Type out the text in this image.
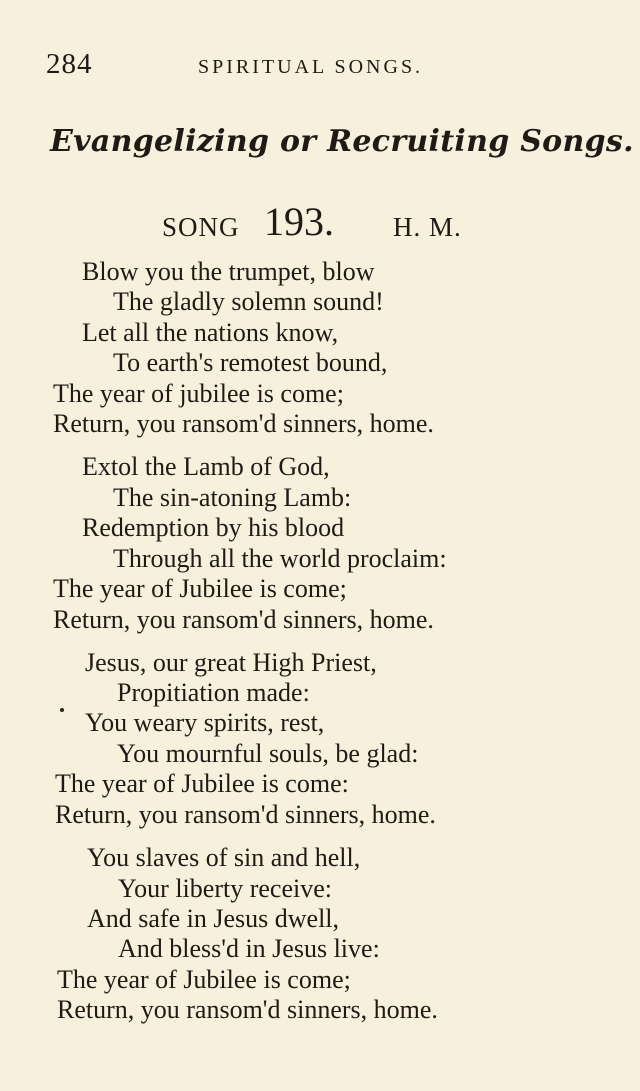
284	SPIRITUAL SONGS.
Evangelizing or Recruiting Songs.
SONG 193. H. M.
Blow you the trumpet, blow
The gladly solemn sound!
Let all the nations know,
To earth's remotest bound,
The year of jubilee is come;
Return, you ransom'd sinners, home.
Extol the Lamb of God,
The sin-atoning Lamb:
Redemption by his blood
Through all the world proclaim:
The year of Jubilee is come;
Return, you ransom'd sinners, home.
Jesus, our great High Priest,
Propitiation made:
You weary spirits, rest,
You mournful souls, be glad:
The year of Jubilee is come:
Return, you ransom'd sinners, home.
You slaves of sin and hell,
Your liberty receive:
And safe in Jesus dwell,
And bless'd in Jesus live:
The year of Jubilee is come;
Return, you ransom'd sinners, home.
